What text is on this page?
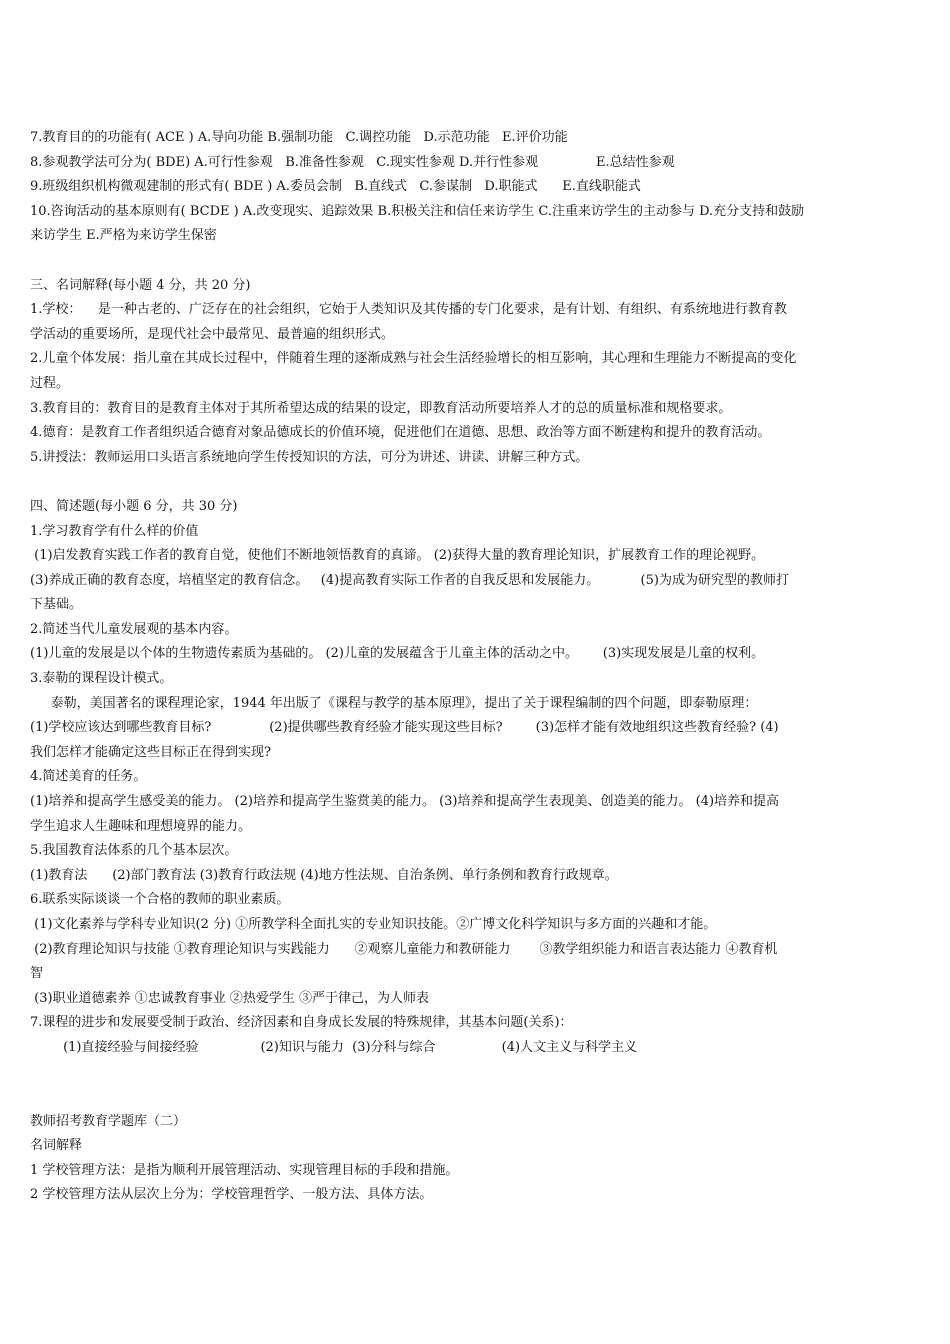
7.教育目的的功能有( ACE ) A.导向功能 B.强制功能   C.调控功能   D.示范功能   E.评价功能

8.参观教学法可分为( BDE) A.可行性参观   B.准备性参观   C.现实性参观 D.并行性参观              E.总结性参观

9.班级组织机构微观建制的形式有( BDE ) A.委员会制   B.直线式   C.参谋制   D.职能式      E.直线职能式

10.咨询活动的基本原则有( BCDE ) A.改变现实、追踪效果 B.积极关注和信任来访学生 C.注重来访学生的主动参与 D.充分支持和鼓励

来访学生 E.严格为来访学生保密

三、名词解释(每小题 4 分，共 20 分)

1.学校：    是一种古老的、广泛存在的社会组织，它始于人类知识及其传播的专门化要求，是有计划、有组织、有系统地进行教育教

学活动的重要场所，是现代社会中最常见、最普遍的组织形式。

2.儿童个体发展：指儿童在其成长过程中，伴随着生理的逐渐成熟与社会生活经验增长的相互影响，其心理和生理能力不断提高的变化

过程。

3.教育目的：教育目的是教育主体对于其所希望达成的结果的设定，即教育活动所要培养人才的总的质量标准和规格要求。

4.德育：是教育工作者组织适合德育对象品德成长的价值环境，促进他们在道德、思想、政治等方面不断建构和提升的教育活动。

5.讲授法：教师运用口头语言系统地向学生传授知识的方法，可分为讲述、讲读、讲解三种方式。

四、简述题(每小题 6 分，共 30 分)

1.学习教育学有什么样的价值

(1)启发教育实践工作者的教育自觉，使他们不断地领悟教育的真谛。 (2)获得大量的教育理论知识，扩展教育工作的理论视野。

(3)养成正确的教育态度，培植坚定的教育信念。   (4)提高教育实际工作者的自我反思和发展能力。          (5)为成为研究型的教师打

下基础。

2.简述当代儿童发展观的基本内容。

(1)儿童的发展是以个体的生物遗传素质为基础的。 (2)儿童的发展蕴含于儿童主体的活动之中。      (3)实现发展是儿童的权利。

3.泰勒的课程设计模式。

泰勒，美国著名的课程理论家，1944 年出版了《课程与教学的基本原理》，提出了关于课程编制的四个问题，即泰勒原理：

(1)学校应该达到哪些教育目标?              (2)提供哪些教育经验才能实现这些目标?        (3)怎样才能有效地组织这些教育经验? (4)

我们怎样才能确定这些目标正在得到实现?

4.简述美育的任务。

(1)培养和提高学生感受美的能力。 (2)培养和提高学生鉴赏美的能力。 (3)培养和提高学生表现美、创造美的能力。 (4)培养和提高

学生追求人生趣味和理想境界的能力。

5.我国教育法体系的几个基本层次。

(1)教育法      (2)部门教育法 (3)教育行政法规 (4)地方性法规、自治条例、单行条例和教育行政规章。

6.联系实际谈谈一个合格的教师的职业素质。

(1)文化素养与学科专业知识(2 分) ①所教学科全面扎实的专业知识技能。②广博文化科学知识与多方面的兴趣和才能。

(2)教育理论知识与技能 ①教育理论知识与实践能力      ②观察儿童能力和教研能力       ③教学组织能力和语言表达能力 ④教育机

智

(3)职业道德素养 ①忠诚教育事业 ②热爱学生 ③严于律己，为人师表

7.课程的进步和发展要受制于政治、经济因素和自身成长发展的特殊规律，其基本问题(关系)：

(1)直接经验与间接经验               (2)知识与能力  (3)分科与综合                (4)人文主义与科学主义

教师招考教育学题库（二）

名词解释

1 学校管理方法：是指为顺利开展管理活动、实现管理目标的手段和措施。

2 学校管理方法从层次上分为：学校管理哲学、一般方法、具体方法。
